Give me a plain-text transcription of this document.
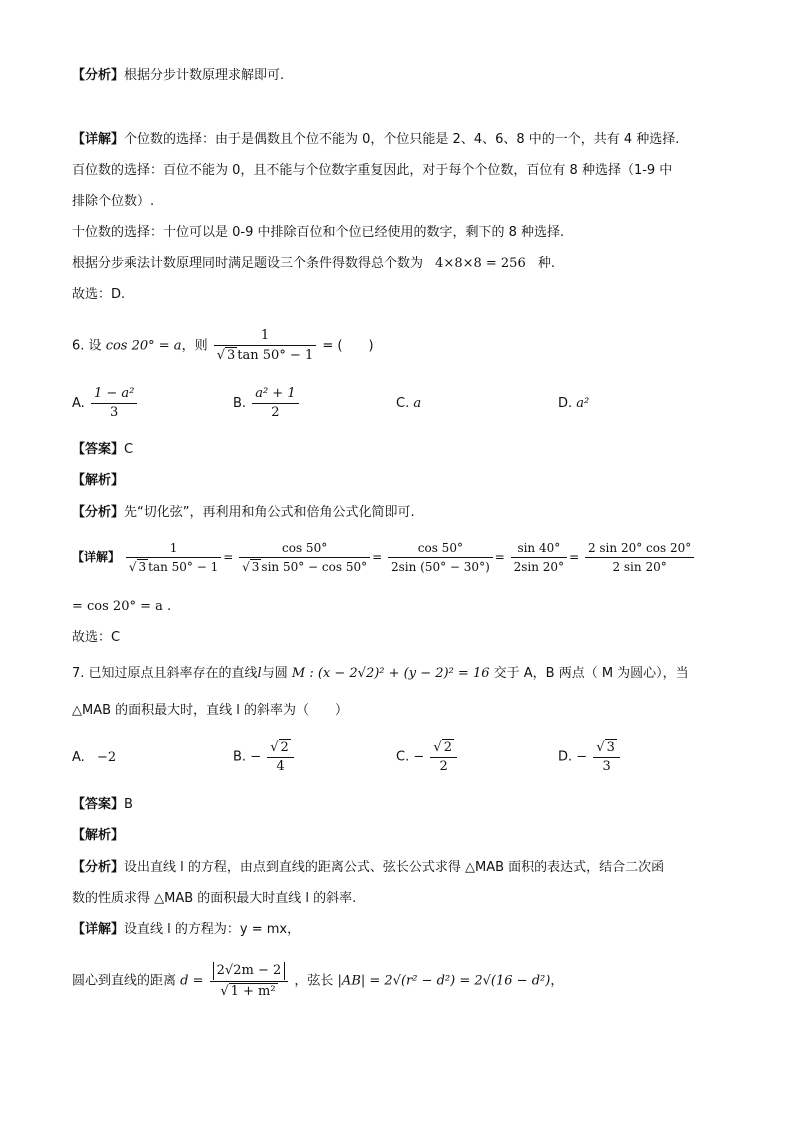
【分析】根据分步计数原理求解即可.
【详解】个位数的选择：由于是偶数且个位不能为 0，个位只能是 2、4、6、8 中的一个，共有 4 种选择.
百位数的选择：百位不能为 0，且不能与个位数字重复因此，对于每个个位数，百位有 8 种选择（1-9 中
排除个位数）.
十位数的选择：十位可以是 0-9 中排除百位和个位已经使用的数字，剩下的 8 种选择.
根据分步乘法计数原理同时满足题设三个条件得数得总个数为 4×8×8 = 256 种.
故选：D.
6. 设 cos 20° = a，则 $\frac{1}{√ 3 \tan 50^\circ - 1}$ = (　　)
A. $\frac{\text{1 − a²}}{3}$	B. $\frac{\text{a² + 1}}{2}$	C. a	D. a²
【答案】C
【解析】
【分析】先“切化弦”，再利用和角公式和倍角公式化简即可.
【详解】 $\frac{1}{√ 3 \tan 50^\circ - 1} = \frac{\cos 50^\circ}{√ 3 \sin 50^\circ - \cos 50^\circ} = \frac{\cos 50^\circ}{2\sin (50^\circ - 30^\circ)} = \frac{\sin 40^\circ}{2\sin 20^\circ} = \frac{2 \sin 20^\circ \cos 20^\circ}{2 \sin 20^\circ}$
= cos 20° = a .
故选：C
7. 已知过原点且斜率存在的直线l与圆 M : (x − 2√2)² + (y − 2)² = 16 交于 A，B 两点（ M 为圆心），当
△MAB 的面积最大时，直线 l 的斜率为（　　）
A. −2	B. − $\frac{√ 2}{4}$	C. − $\frac{√ 2}{2}$	D. − $\frac{√ 3}{3}$
【答案】B
【解析】
【分析】设出直线 l 的方程，由点到直线的距离公式、弦长公式求得 △MAB 面积的表达式，结合二次函
数的性质求得 △MAB 的面积最大时直线 l 的斜率.
【详解】设直线 l 的方程为：y = mx，
圆心到直线的距离 $d = \frac{2√2m - 2}{\text{√ 1 + m²}}$ ，弦长 |AB| = 2√(r² − d²) = 2√(16 − d²)，
